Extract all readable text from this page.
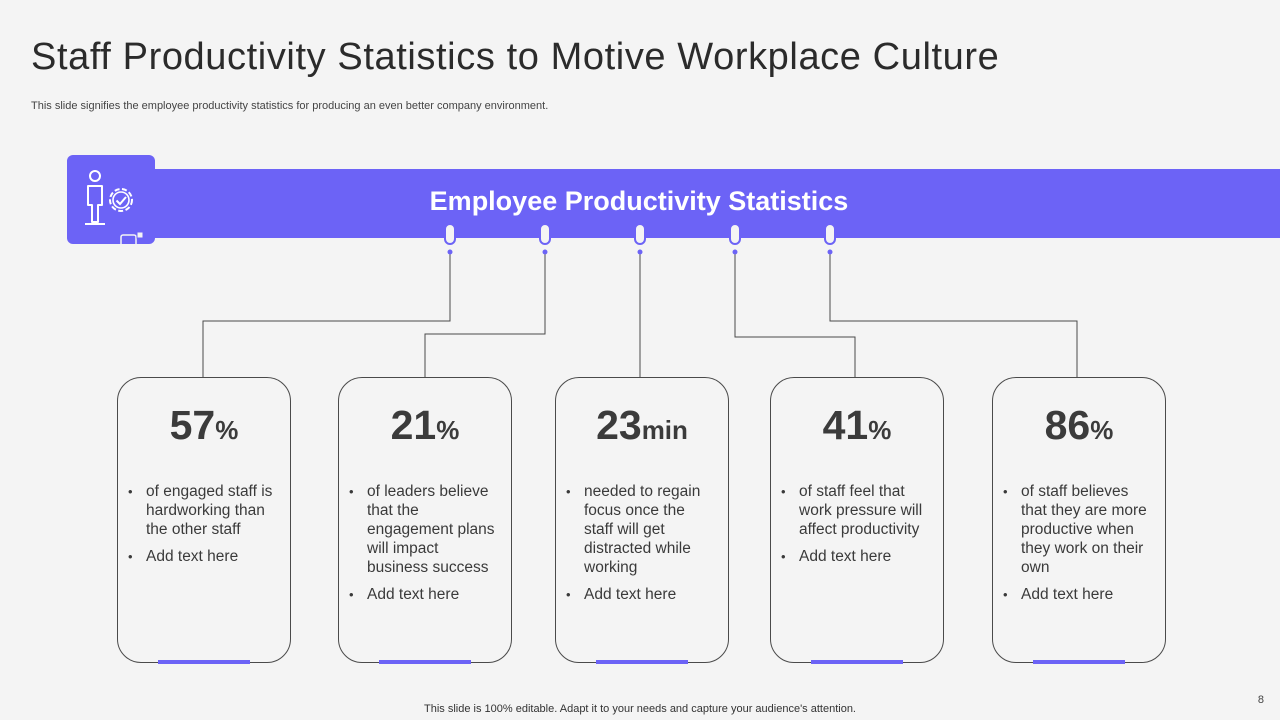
Staff Productivity Statistics to Motive Workplace Culture
This slide signifies the employee productivity statistics for producing an even better company environment.
Employee Productivity Statistics
57%
• of engaged staff is hardworking than the other staff
• Add text here
21%
• of leaders believe that the engagement plans will impact business success
• Add text here
23min
• needed to regain focus once the staff will get distracted while working
• Add text here
41%
• of staff feel that work pressure will affect productivity
• Add text here
86%
• of staff believes that they are more productive when they work on their own
• Add text here
This slide is 100% editable. Adapt it to your needs and capture your audience's attention.
8
